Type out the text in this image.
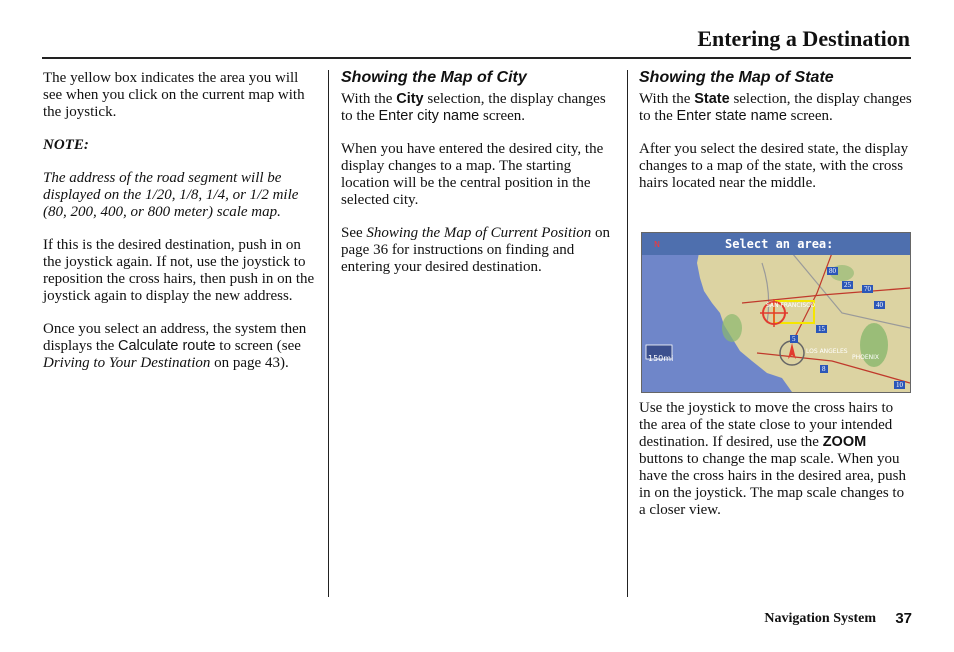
Entering a Destination

The yellow box indicates the area you will see when you click on the current map with the joystick.

NOTE:

The address of the road segment will be displayed on the 1/20, 1/8, 1/4, or 1/2 mile (80, 200, 400, or 800 meter) scale map.

If this is the desired destination, push in on the joystick again. If not, use the joystick to reposition the cross hairs, then push in on the joystick again to display the new address.

Once you select an address, the system then displays the Calculate route to screen (see Driving to Your Destination on page 43).

Showing the Map of City

With the City selection, the display changes to the Enter city name screen.

When you have entered the desired city, the display changes to a map. The starting location will be the central position in the selected city.

See Showing the Map of Current Position on page 36 for instructions on finding and entering your desired destination.

Showing the Map of State

With the State selection, the display changes to the Enter state name screen.

After you select the desired state, the display changes to a map of the state, with the cross hairs located near the middle.

Use the joystick to move the cross hairs to the area of the state close to your intended destination. If desired, use the ZOOM buttons to change the map scale. When you have the cross hairs in the desired area, push in on the joystick. The map scale changes to a closer view.

N	Select an area:
150mi
SAN FRANCISCO
LOS ANGELES
PHOENIX
80
15
5
8
40
70
25
10
Navigation System 37
